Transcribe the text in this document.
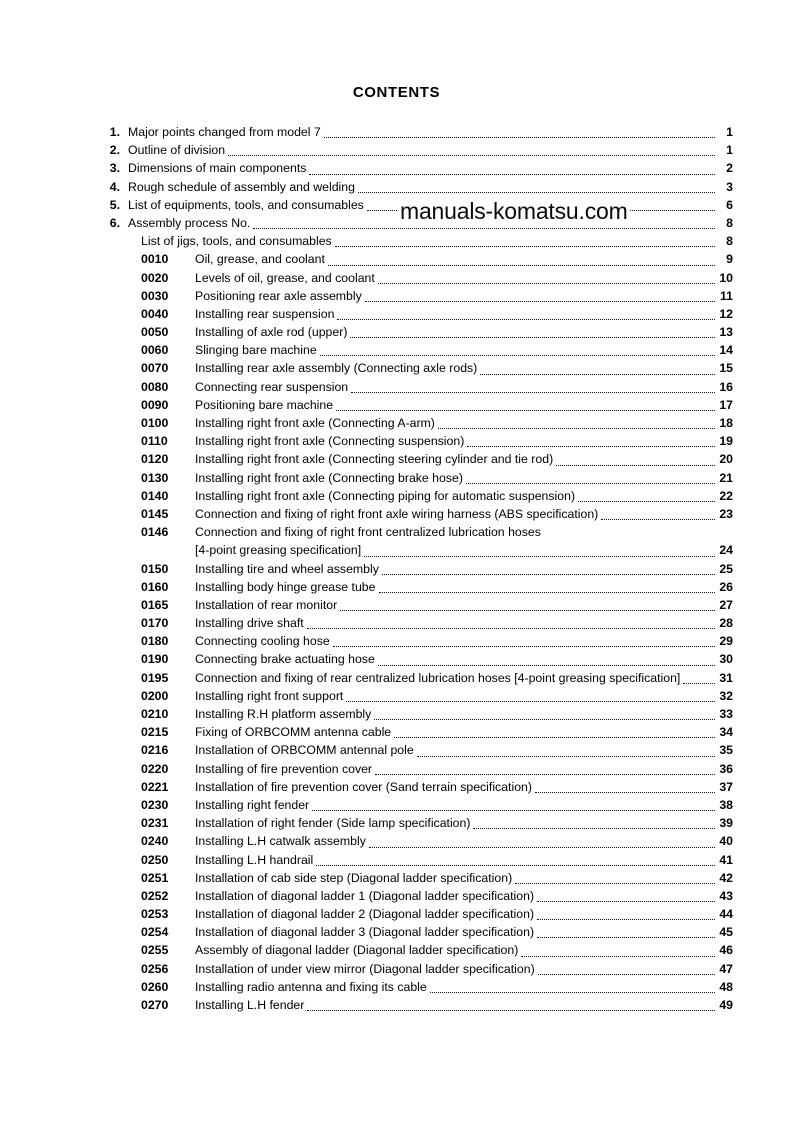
CONTENTS
1. Major points changed from model 7	1
2. Outline of division	1
3. Dimensions of main components	2
4. Rough schedule of assembly and welding	3
5. List of equipments, tools, and consumables	6
6. Assembly process No.	8
List of jigs, tools, and consumables	8
0010	Oil, grease, and coolant	9
0020	Levels of oil, grease, and coolant	10
0030	Positioning rear axle assembly	11
0040	Installing rear suspension	12
0050	Installing of axle rod (upper)	13
0060	Slinging bare machine	14
0070	Installing rear axle assembly (Connecting axle rods)	15
0080	Connecting rear suspension	16
0090	Positioning bare machine	17
0100	Installing right front axle (Connecting A-arm)	18
0110	Installing right front axle (Connecting suspension)	19
0120	Installing right front axle (Connecting steering cylinder and tie rod)	20
0130	Installing right front axle (Connecting brake hose)	21
0140	Installing right front axle (Connecting piping for automatic suspension)	22
0145	Connection and fixing of right front axle wiring harness (ABS specification)	23
0146	Connection and fixing of right front centralized lubrication hoses
[4-point greasing specification]	24
0150	Installing tire and wheel assembly	25
0160	Installing body hinge grease tube	26
0165	Installation of rear monitor	27
0170	Installing drive shaft	28
0180	Connecting cooling hose	29
0190	Connecting brake actuating hose	30
0195	Connection and fixing of rear centralized lubrication hoses [4-point greasing specification]	31
0200	Installing right front support	32
0210	Installing R.H platform assembly	33
0215	Fixing of ORBCOMM antenna cable	34
0216	Installation of ORBCOMM antennal pole	35
0220	Installing of fire prevention cover	36
0221	Installation of fire prevention cover (Sand terrain specification)	37
0230	Installing right fender	38
0231	Installation of right fender (Side lamp specification)	39
0240	Installing L.H catwalk assembly	40
0250	Installing L.H handrail	41
0251	Installation of cab side step (Diagonal ladder specification)	42
0252	Installation of diagonal ladder 1 (Diagonal ladder specification)	43
0253	Installation of diagonal ladder 2 (Diagonal ladder specification)	44
0254	Installation of diagonal ladder 3 (Diagonal ladder specification)	45
0255	Assembly of diagonal ladder (Diagonal ladder specification)	46
0256	Installation of under view mirror (Diagonal ladder specification)	47
0260	Installing radio antenna and fixing its cable	48
0270	Installing L.H fender	49
manuals-komatsu.com
